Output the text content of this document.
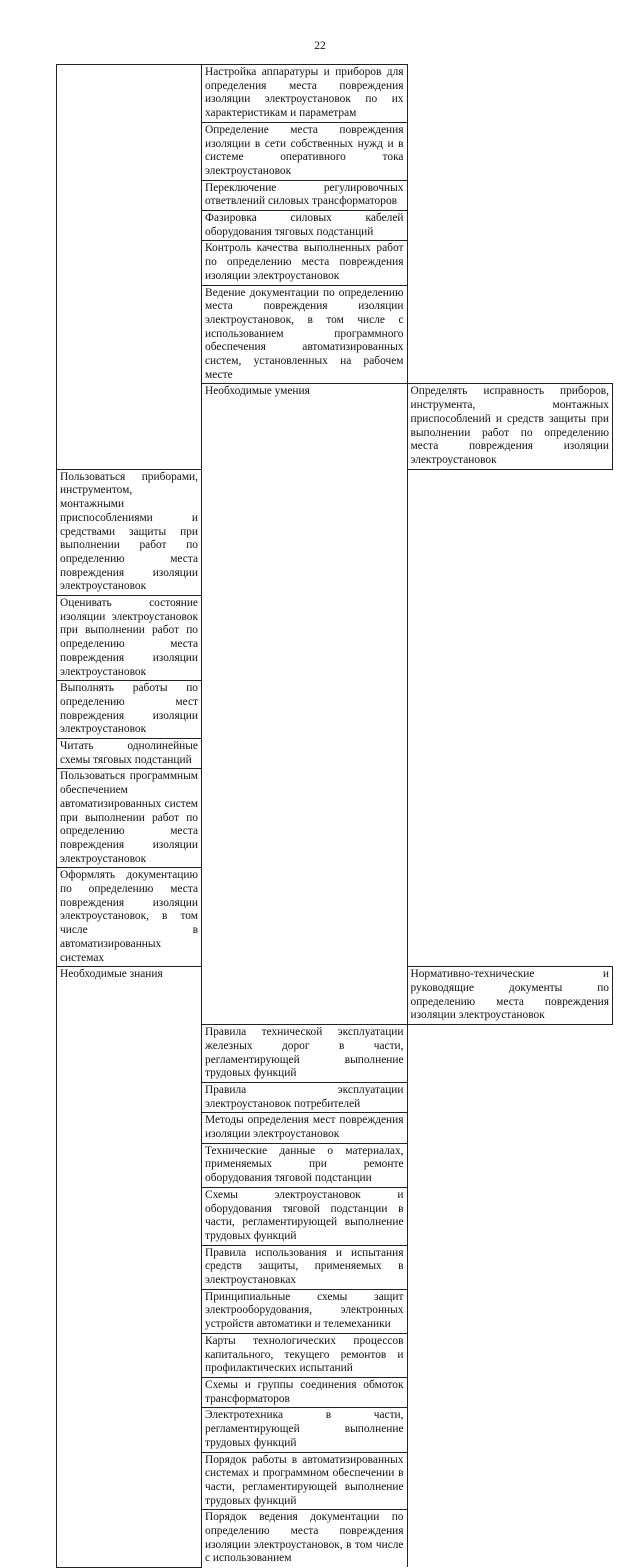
22
	Настройка аппаратуры и приборов для определения места повреждения изоляции электроустановок по их характеристикам и параметрам	
	Определение места повреждения изоляции в сети собственных нужд и в системе оперативного тока электроустановок	
	Переключение регулировочных ответвлений силовых трансформаторов	
	Фазировка силовых кабелей оборудования тяговых подстанций	
	Контроль качества выполненных работ по определению места повреждения изоляции электроустановок	
	Ведение документации по определению места повреждения изоляции электроустановок, в том числе с использованием программного обеспечения автоматизированных систем, установленных на рабочем месте	
	Необходимые умения	Определять исправность приборов, инструмента, монтажных приспособлений и средств защиты при выполнении работ по определению места повреждения изоляции электроустановок
Пользоваться приборами, инструментом, монтажными приспособлениями и средствами защиты при выполнении работ по определению места повреждения изоляции электроустановок		
Оценивать состояние изоляции электроустановок при выполнении работ по определению места повреждения изоляции электроустановок		
Выполнять работы по определению мест повреждения изоляции электроустановок		
Читать однолинейные схемы тяговых подстанций		
Пользоваться программным обеспечением автоматизированных систем при выполнении работ по определению места повреждения изоляции электроустановок		
Оформлять документацию по определению места повреждения изоляции электроустановок, в том числе в автоматизированных системах		
Необходимые знания		Нормативно-технические и руководящие документы по определению места повреждения изоляции электроустановок
	Правила технической эксплуатации железных дорог в части, регламентирующей выполнение трудовых функций	
	Правила эксплуатации электроустановок потребителей	
	Методы определения мест повреждения изоляции электроустановок	
	Технические данные о материалах, применяемых при ремонте оборудования тяговой подстанции	
	Схемы электроустановок и оборудования тяговой подстанции в части, регламентирующей выполнение трудовых функций	
	Правила использования и испытания средств защиты, применяемых в электроустановках	
	Принципиальные схемы защит электрооборудования, электронных устройств автоматики и телемеханики	
	Карты технологических процессов капитального, текущего ремонтов и профилактических испытаний	
	Схемы и группы соединения обмоток трансформаторов	
	Электротехника в части, регламентирующей выполнение трудовых функций	
	Порядок работы в автоматизированных системах и программном обеспечении в части, регламентирующей выполнение трудовых функций	
	Порядок ведения документации по определению места повреждения изоляции электроустановок, в том числе с использованием	
